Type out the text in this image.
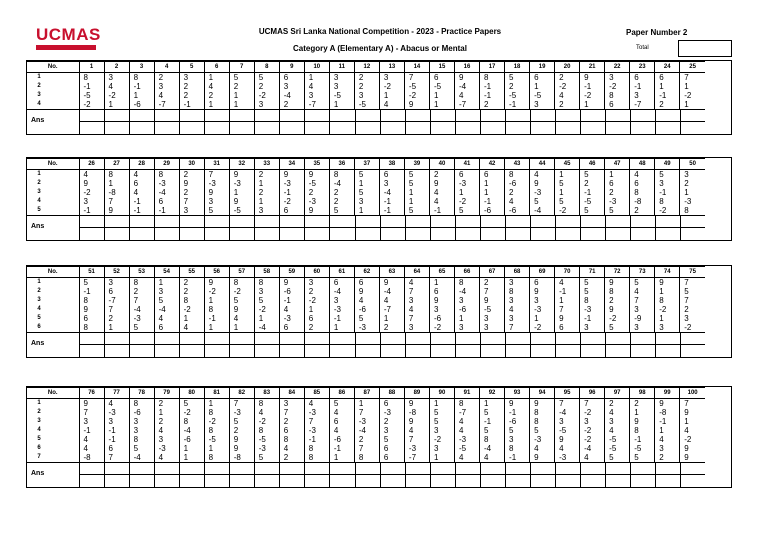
UCMAS	UCMAS Sri Lanka National Competition - 2023 - Practice Papers
Category A (Elementary A) - Abacus or Mental
Paper Number 2
Total
No.		1	2	3	4	5	6	7	8	9	10	11	12	13	14	15	16	17	18	19	20	21	22	23	24	25
1		8	3	8	2	3	1	5	5	6	1	3	2	3	7	6	9	8	5	6	2	9	3	6	6	7
2		-1	4	-1	3	2	4	2	2	3	4	3	2	-2	-5	-5	-4	-1	2	1	-2	-1	-2	-1	1	1
3		-5	-2	1	4	2	2	1	-2	-4	3	-5	3	1	-2	1	4	-1	-5	-5	4	-2	8	3	-1	-2
4		-2	1	-6	-7	-1	1	1	3	2	-7	1	-5	4	9	1	-7	2	-1	3	2	1	6	-7	2	1
Ans
No.		26	27	28	29	30	31	32	33	34	35	36	37	38	39	40	41	42	43	44	45	46	47	48	49	50
1		4	8	4	8	2	7	9	2	9	9	8	5	6	5	2	6	6	8	4	1	5	1	4	5	3
2		9	1	6	-3	9	-3	-3	1	-3	-5	-4	1	3	5	9	-3	1	-6	9	5	2	6	6	3	2
3		-2	-8	4	-4	2	9	1	2	-1	2	2	5	-4	1	4	1	1	2	-3	1	-1	2	8	-1	1
4		3	7	-1	6	7	3	9	1	-2	-3	2	3	-1	1	4	-2	-1	4	5	5	-5	-3	-8	8	-3
5		-1	9	-1	-1	3	5	-5	3	6	9	5	1	-1	5	-1	5	-6	-6	-4	-2	5	5	2	-2	8
Ans
No.		51	52	53	54	55	56	57	58	59	60	61	62	63	64	65	66	67	68	69	70	71	72	73	74	75
1		5	3	8	1	2	9	8	8	9	3	6	6	9	4	1	8	2	3	6	4	5	9	5	9	7
2		-1	6	2	3	2	-2	-2	3	-6	2	-4	9	-4	7	6	-4	7	8	9	-1	5	8	4	1	5
3		8	-7	7	5	8	1	5	5	-1	-2	3	4	4	3	9	3	9	3	3	1	8	2	7	8	7
4		9	7	-4	-4	-2	8	9	-2	4	1	-3	-6	-7	4	3	-6	-5	4	-3	7	-3	9	3	-2	2
5		6	2	-3	4	1	-1	4	1	-3	6	-1	5	1	7	-6	1	3	3	1	9	-1	-2	-9	1	3
6		8	1	5	6	4	1	1	-4	6	2	1	-3	2	3	-2	3	3	7	-2	6	3	5	3	3	-2
Ans
No.		76	77	78	79	80	81	82	83	84	85	86	87	88	89	90	91	92	93	94	95	96	97	98	99	100
1		9	4	8	2	5	1	7	8	3	4	5	1	6	9	1	8	1	9	9	7	7	2	2	9	7
2		7	-3	-6	1	-2	8	-3	4	7	-3	4	7	-3	-8	5	-7	5	-1	8	-4	-2	4	1	-8	9
3		3	3	3	2	8	-2	5	-2	2	7	6	-3	2	9	5	4	-1	-6	8	3	3	3	9	-1	1
4		-1	-1	3	4	-4	8	2	8	6	-3	4	-4	3	4	3	4	5	5	5	-5	-2	4	8	1	4
5		4	-1	8	3	-6	-5	9	-5	8	-1	-6	2	5	7	-2	-3	8	3	-3	9	-2	-5	-1	4	-2
6		4	6	5	-3	1	1	9	-3	4	8	-1	7	6	-3	3	-5	-4	8	4	4	-4	-5	-5	3	9
7		-8	7	-4	4	1	8	-8	5	2	8	1	8	6	-7	1	4	4	-1	9	-3	4	5	5	2	9
Ans
